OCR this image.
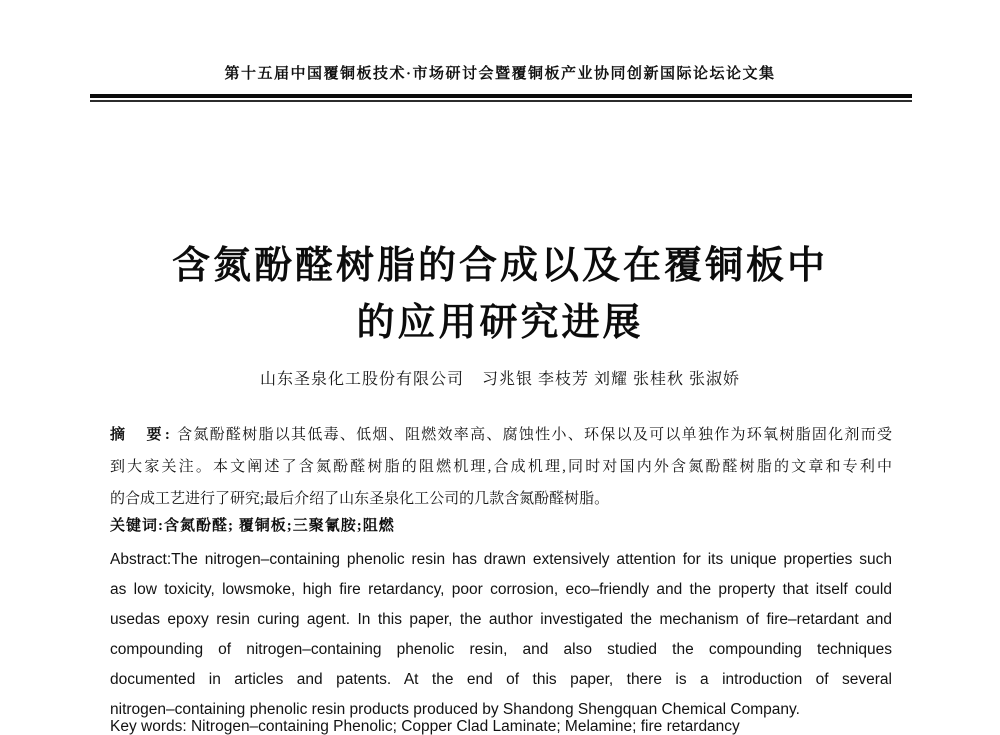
第十五届中国覆铜板技术·市场研讨会暨覆铜板产业协同创新国际论坛论文集
含氮酚醛树脂的合成以及在覆铜板中
的应用研究进展
山东圣泉化工股份有限公司 习兆银 李枝芳 刘耀 张桂秋 张淑娇
摘　要: 含氮酚醛树脂以其低毒、低烟、阻燃效率高、腐蚀性小、环保以及可以单独作为环氧树脂固化剂而受
到大家关注。本文阐述了含氮酚醛树脂的阻燃机理,合成机理,同时对国内外含氮酚醛树脂的文章和专利中
的合成工艺进行了研究;最后介绍了山东圣泉化工公司的几款含氮酚醛树脂。
关键词:含氮酚醛; 覆铜板;三聚氰胺;阻燃
Abstract:The nitrogen–containing phenolic resin has drawn extensively attention for its unique properties such
as low toxicity, lowsmoke, high fire retardancy, poor corrosion, eco–friendly and the property that itself could
usedas epoxy resin curing agent. In this paper, the author investigated the mechanism of fire–retardant and
compounding of nitrogen–containing phenolic resin, and also studied the compounding techniques
documented in articles and patents. At the end of this paper, there is a introduction of several
nitrogen–containing phenolic resin products produced by Shandong Shengquan Chemical Company.
Key words: Nitrogen–containing Phenolic; Copper Clad Laminate; Melamine; fire retardancy
